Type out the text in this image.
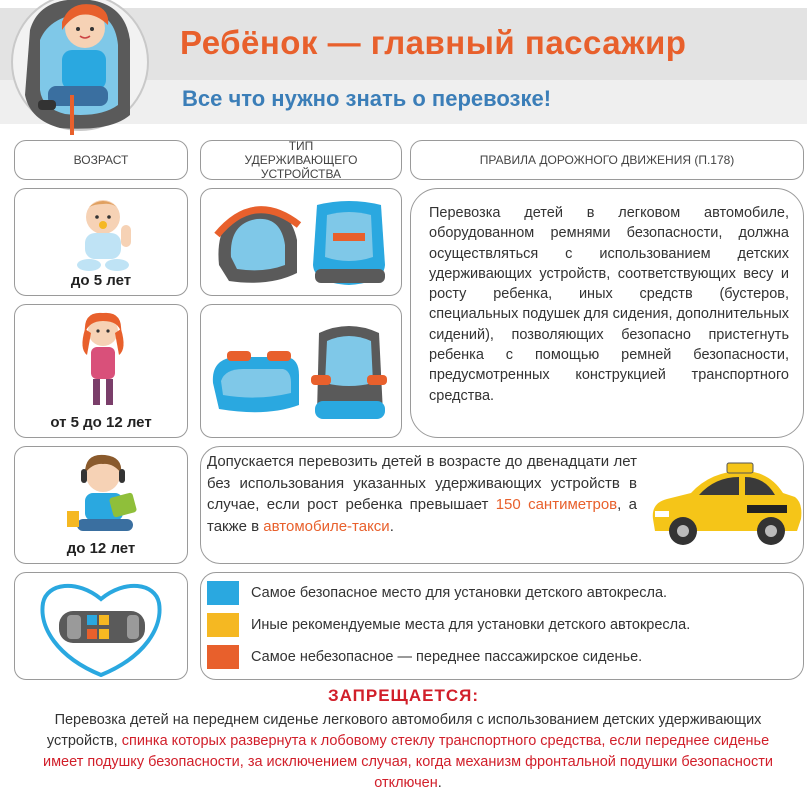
Ребёнок — главный пассажир
Все что нужно знать о перевозке!
ВОЗРАСТ
ТИП УДЕРЖИВАЮЩЕГО УСТРОЙСТВА
ПРАВИЛА ДОРОЖНОГО ДВИЖЕНИЯ (П.178)
до 5 лет
Перевозка детей в легковом автомобиле, оборудованном ремнями безопасности, должна осуществляться с использованием детских удерживающих устройств, соответствующих весу и росту ребенка, иных средств (бустеров, специальных подушек для сидения, дополнительных сидений), позволяющих безопасно пристегнуть ребенка с помощью ремней безопасности, предусмотренных конструкцией транспортного средства.
от 5 до 12 лет
до 12 лет
Допускается перевозить детей в возрасте до двенадцати лет без использования указанных удерживающих устройств в случае, если рост ребенка превышает 150 сантиметров, а также в автомобиле-такси.
Самое безопасное место для установки детского автокресла.
Иные рекомендуемые места для установки детского автокресла.
Самое небезопасное — переднее пассажирское сиденье.
ЗАПРЕЩАЕТСЯ:
Перевозка детей на переднем сиденье легкового автомобиля с использованием детских удерживающих устройств, спинка которых развернута к лобовому стеклу транспортного средства, если переднее сиденье имеет подушку безопасности, за исключением случая, когда механизм фронтальной подушки безопасности отключен.
